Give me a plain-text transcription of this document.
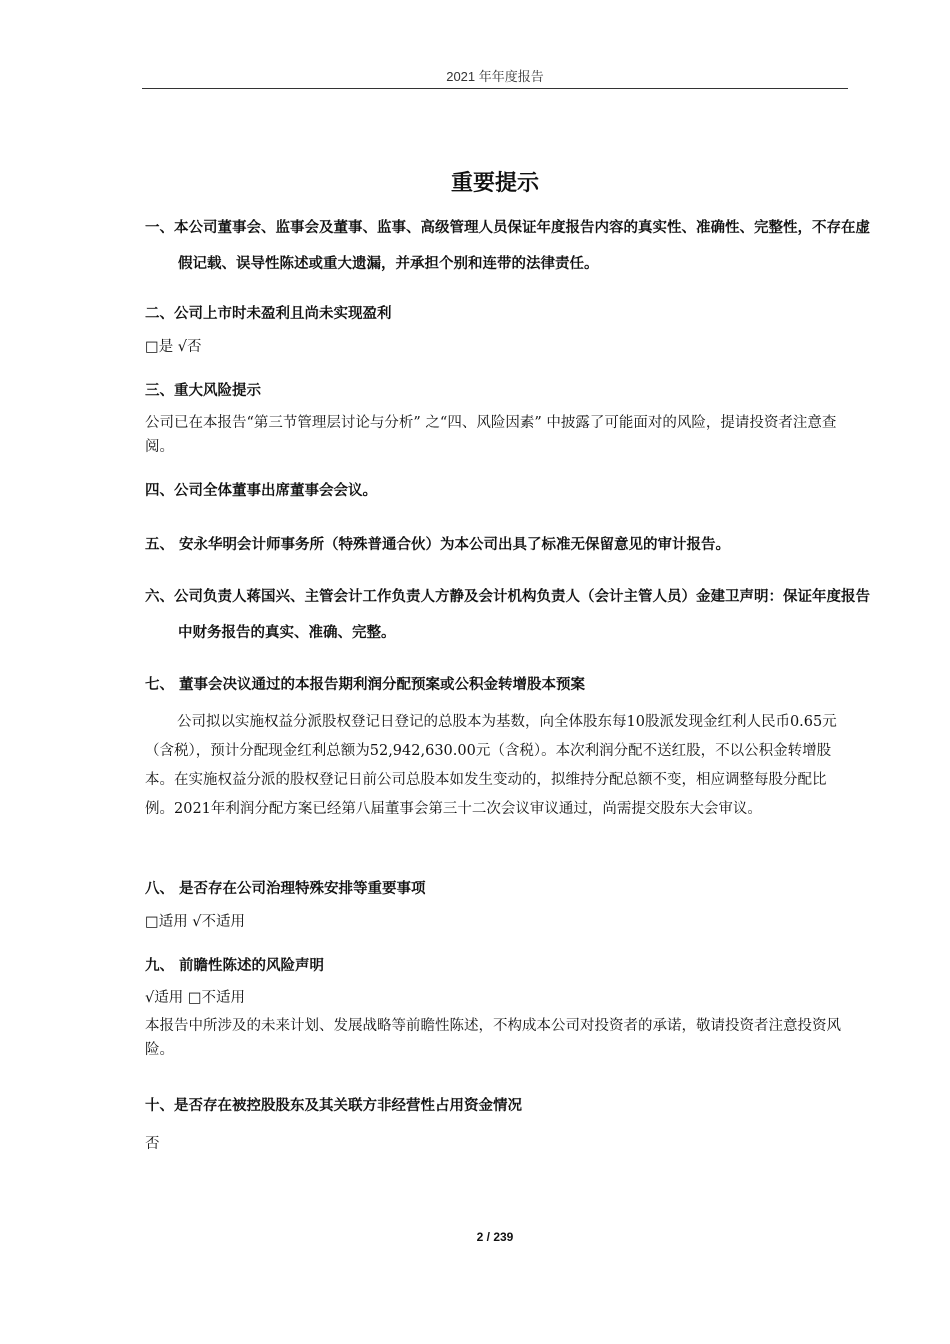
2021 年年度报告
重要提示
一、本公司董事会、监事会及董事、监事、高级管理人员保证年度报告内容的真实性、准确性、完整性，不存在虚假记载、误导性陈述或重大遗漏，并承担个别和连带的法律责任。
二、公司上市时未盈利且尚未实现盈利
□是 √否
三、重大风险提示
公司已在本报告“第三节管理层讨论与分析” 之“四、风险因素” 中披露了可能面对的风险，提请投资者注意查阅。
四、公司全体董事出席董事会会议。
五、 安永华明会计师事务所（特殊普通合伙）为本公司出具了标准无保留意见的审计报告。
六、公司负责人蒋国兴、主管会计工作负责人方静及会计机构负责人（会计主管人员）金建卫声明：保证年度报告中财务报告的真实、准确、完整。
七、 董事会决议通过的本报告期利润分配预案或公积金转增股本预案
公司拟以实施权益分派股权登记日登记的总股本为基数，向全体股东每10股派发现金红利人民币0.65元（含税），预计分配现金红利总额为52,942,630.00元（含税）。本次利润分配不送红股，不以公积金转增股本。在实施权益分派的股权登记日前公司总股本如发生变动的，拟维持分配总额不变，相应调整每股分配比例。2021年利润分配方案已经第八届董事会第三十二次会议审议通过，尚需提交股东大会审议。
八、 是否存在公司治理特殊安排等重要事项
□适用 √不适用
九、 前瞻性陈述的风险声明
√适用 □不适用
本报告中所涉及的未来计划、发展战略等前瞻性陈述，不构成本公司对投资者的承诺，敬请投资者注意投资风险。
十、是否存在被控股股东及其关联方非经营性占用资金情况
否
2 / 239
